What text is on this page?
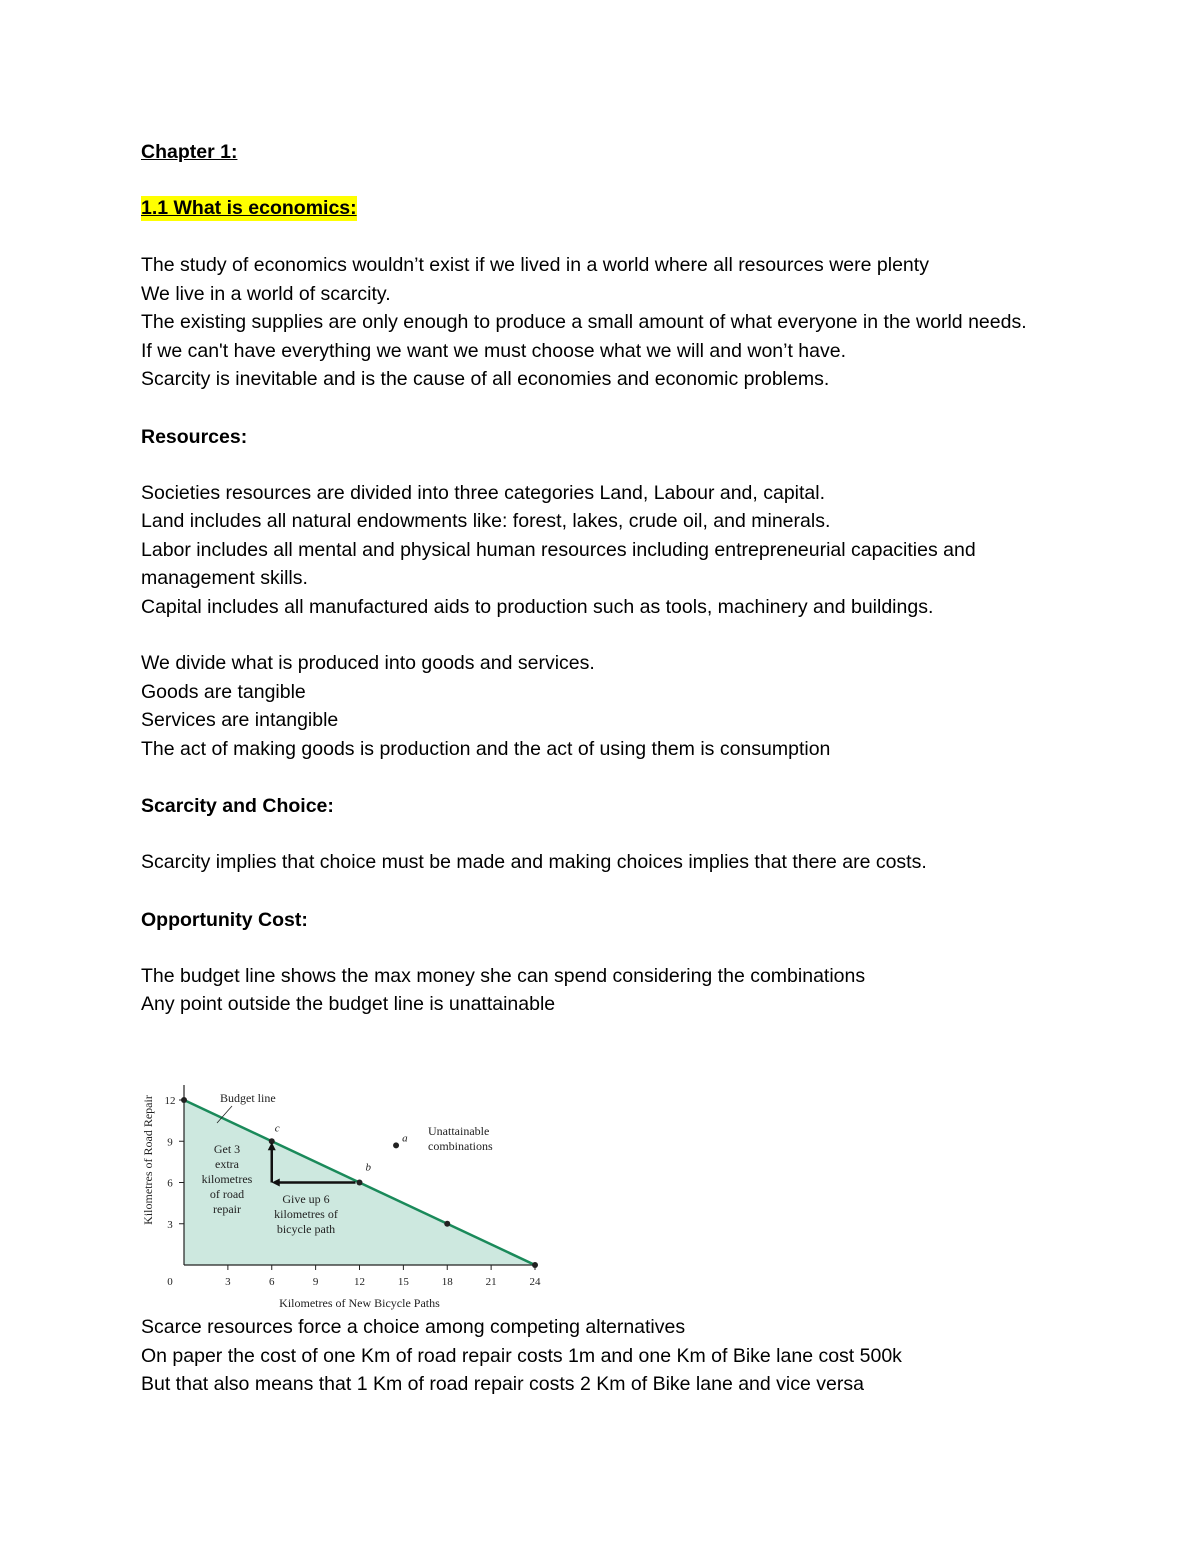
Chapter 1:

1.1 What is economics:

The study of economics wouldn’t exist if we lived in a world where all resources were plenty

We live in a world of scarcity.

The existing supplies are only enough to produce a small amount of what everyone in the world needs.

If we can't have everything we want we must choose what we will and won’t have.

Scarcity is inevitable and is the cause of all economies and economic problems.

Resources:

Societies resources are divided into three categories Land, Labour and, capital.

Land includes all natural endowments like: forest, lakes, crude oil, and minerals.

Labor includes all mental and physical human resources including entrepreneurial capacities and management skills.

Capital includes all manufactured aids to production such as tools, machinery and buildings.

We divide what is produced into goods and services.

Goods are tangible

Services are intangible

The act of making goods is production and the act of using them is consumption

Scarcity and Choice:

Scarcity implies that choice must be made and making choices implies that there are costs.

Opportunity Cost:

The budget line shows the max money she can spend considering the combinations

Any point outside the budget line is unattainable

0	3	6	9	12	15	18	21	24
3
6
9
12	Budget line
c
b
a
Unattainable
combinations
Get 3
extra
kilometres
of road
repair
Give up 6
kilometres of
bicycle path
Kilometres of New Bicycle Paths
Kilometres of Road Repair

Scarce resources force a choice among competing alternatives

On paper the cost of one Km of road repair costs 1m and one Km of Bike lane cost 500k

But that also means that 1 Km of road repair costs 2 Km of Bike lane and vice versa
